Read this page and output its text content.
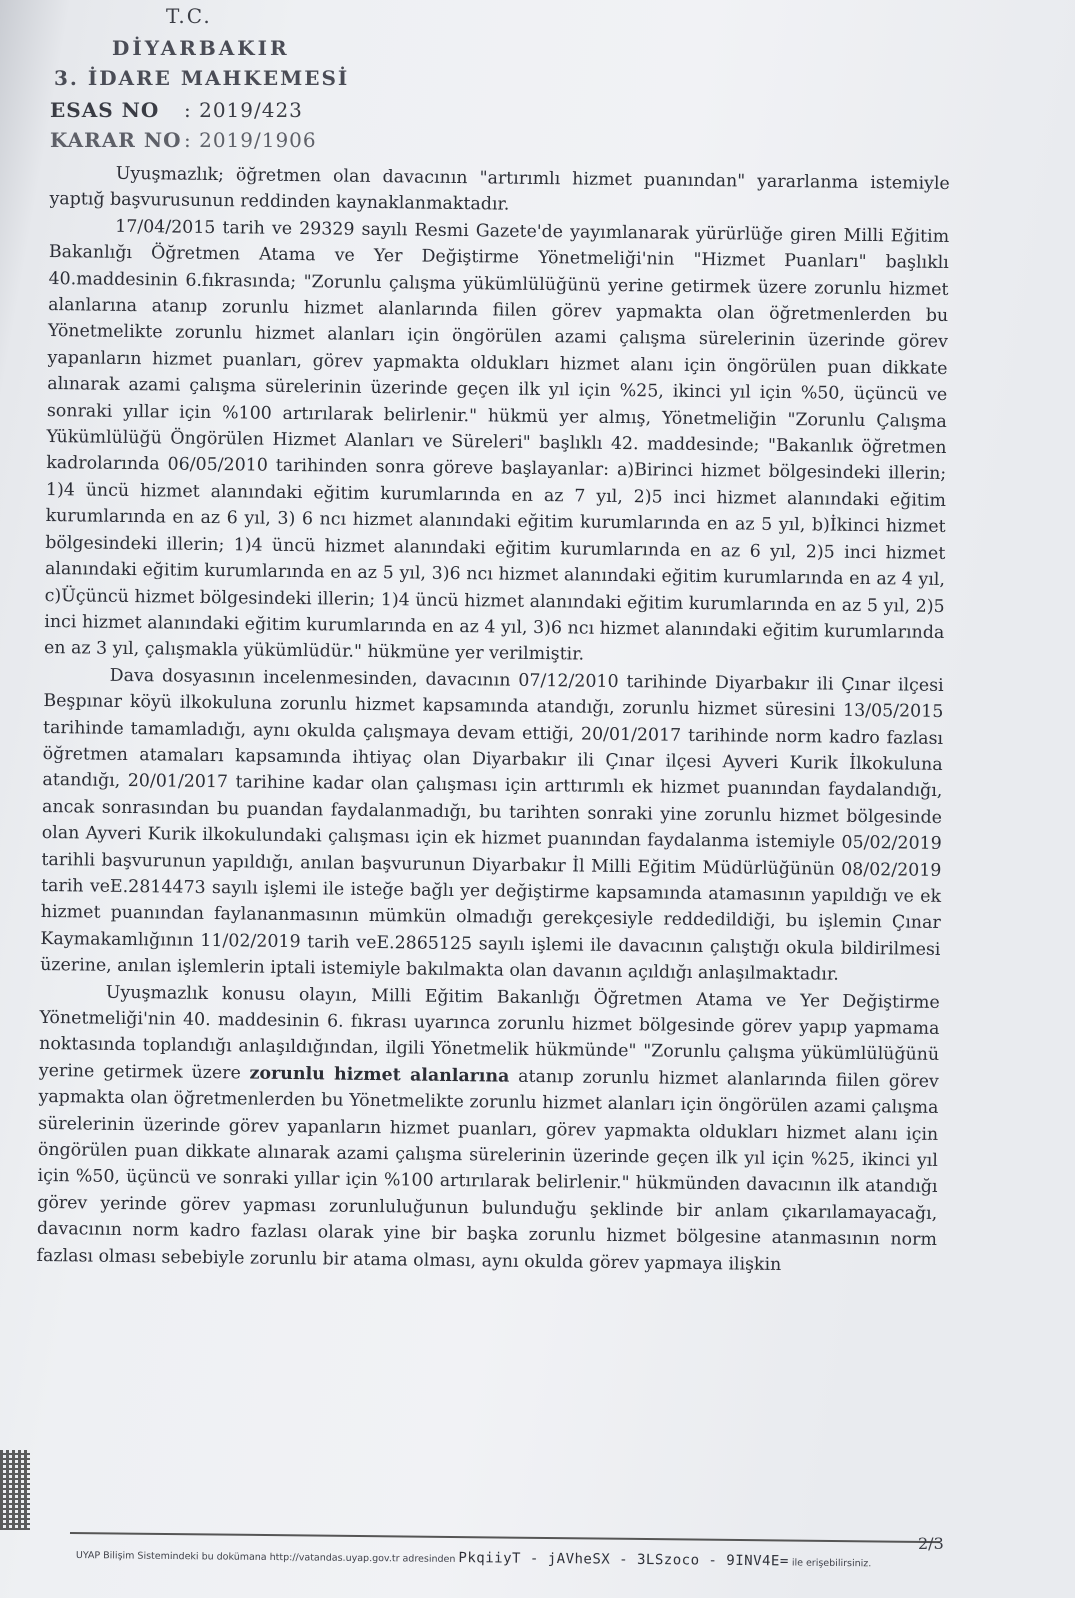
T.C.
DİYARBAKIR
3. İDARE MAHKEMESİ
ESAS NO : 2019/423
KARAR NO : 2019/1906

Uyuşmazlık; öğretmen olan davacının "artırımlı hizmet puanından" yararlanma istemiyle yaptığ başvurusunun reddinden kaynaklanmaktadır.

17/04/2015 tarih ve 29329 sayılı Resmi Gazete'de yayımlanarak yürürlüğe giren Milli Eğitim Bakanlığı Öğretmen Atama ve Yer Değiştirme Yönetmeliği'nin "Hizmet Puanları" başlıklı 40.maddesinin 6.fıkrasında; "Zorunlu çalışma yükümlülüğünü yerine getirmek üzere zorunlu hizmet alanlarına atanıp zorunlu hizmet alanlarında fiilen görev yapmakta olan öğretmenlerden bu Yönetmelikte zorunlu hizmet alanları için öngörülen azami çalışma sürelerinin üzerinde görev yapanların hizmet puanları, görev yapmakta oldukları hizmet alanı için öngörülen puan dikkate alınarak azami çalışma sürelerinin üzerinde geçen ilk yıl için %25, ikinci yıl için %50, üçüncü ve sonraki yıllar için %100 artırılarak belirlenir." hükmü yer almış, Yönetmeliğin "Zorunlu Çalışma Yükümlülüğü Öngörülen Hizmet Alanları ve Süreleri" başlıklı 42. maddesinde; "Bakanlık öğretmen kadrolarında 06/05/2010 tarihinden sonra göreve başlayanlar: a)Birinci hizmet bölgesindeki illerin; 1)4 üncü hizmet alanındaki eğitim kurumlarında en az 7 yıl, 2)5 inci hizmet alanındaki eğitim kurumlarında en az 6 yıl, 3) 6 ncı hizmet alanındaki eğitim kurumlarında en az 5 yıl, b)İkinci hizmet bölgesindeki illerin; 1)4 üncü hizmet alanındaki eğitim kurumlarında en az 6 yıl, 2)5 inci hizmet alanındaki eğitim kurumlarında en az 5 yıl, 3)6 ncı hizmet alanındaki eğitim kurumlarında en az 4 yıl, c)Üçüncü hizmet bölgesindeki illerin; 1)4 üncü hizmet alanındaki eğitim kurumlarında en az 5 yıl, 2)5 inci hizmet alanındaki eğitim kurumlarında en az 4 yıl, 3)6 ncı hizmet alanındaki eğitim kurumlarında en az 3 yıl, çalışmakla yükümlüdür." hükmüne yer verilmiştir.

Dava dosyasının incelenmesinden, davacının 07/12/2010 tarihinde Diyarbakır ili Çınar ilçesi Beşpınar köyü ilkokuluna zorunlu hizmet kapsamında atandığı, zorunlu hizmet süresini 13/05/2015 tarihinde tamamladığı, aynı okulda çalışmaya devam ettiği, 20/01/2017 tarihinde norm kadro fazlası öğretmen atamaları kapsamında ihtiyaç olan Diyarbakır ili Çınar ilçesi Ayveri Kurik İlkokuluna atandığı, 20/01/2017 tarihine kadar olan çalışması için arttırımlı ek hizmet puanından faydalandığı, ancak sonrasından bu puandan faydalanmadığı, bu tarihten sonraki yine zorunlu hizmet bölgesinde olan Ayveri Kurik ilkokulundaki çalışması için ek hizmet puanından faydalanma istemiyle 05/02/2019 tarihli başvurunun yapıldığı, anılan başvurunun Diyarbakır İl Milli Eğitim Müdürlüğünün 08/02/2019 tarih veE.2814473 sayılı işlemi ile isteğe bağlı yer değiştirme kapsamında atamasının yapıldığı ve ek hizmet puanından faylananmasının mümkün olmadığı gerekçesiyle reddedildiği, bu işlemin Çınar Kaymakamlığının 11/02/2019 tarih veE.2865125 sayılı işlemi ile davacının çalıştığı okula bildirilmesi üzerine, anılan işlemlerin iptali istemiyle bakılmakta olan davanın açıldığı anlaşılmaktadır.

Uyuşmazlık konusu olayın, Milli Eğitim Bakanlığı Öğretmen Atama ve Yer Değiştirme Yönetmeliği'nin 40. maddesinin 6. fıkrası uyarınca zorunlu hizmet bölgesinde görev yapıp yapmama noktasında toplandığı anlaşıldığından, ilgili Yönetmelik hükmünde" "Zorunlu çalışma yükümlülüğünü yerine getirmek üzere zorunlu hizmet alanlarına atanıp zorunlu hizmet alanlarında fiilen görev yapmakta olan öğretmenlerden bu Yönetmelikte zorunlu hizmet alanları için öngörülen azami çalışma sürelerinin üzerinde görev yapanların hizmet puanları, görev yapmakta oldukları hizmet alanı için öngörülen puan dikkate alınarak azami çalışma sürelerinin üzerinde geçen ilk yıl için %25, ikinci yıl için %50, üçüncü ve sonraki yıllar için %100 artırılarak belirlenir." hükmünden davacının ilk atandığı görev yerinde görev yapması zorunluluğunun bulunduğu şeklinde bir anlam çıkarılamayacağı, davacının norm kadro fazlası olarak yine bir başka zorunlu hizmet bölgesine atanmasının norm fazlası olması sebebiyle zorunlu bir atama olması, aynı okulda görev yapmaya ilişkin

2/3
UYAP Bilişim Sistemindeki bu dokümana http://vatandas.uyap.gov.tr adresinden PkqiiyT - jAVheSX - 3LSzoco - 9INV4E= ile erişebilirsiniz.
